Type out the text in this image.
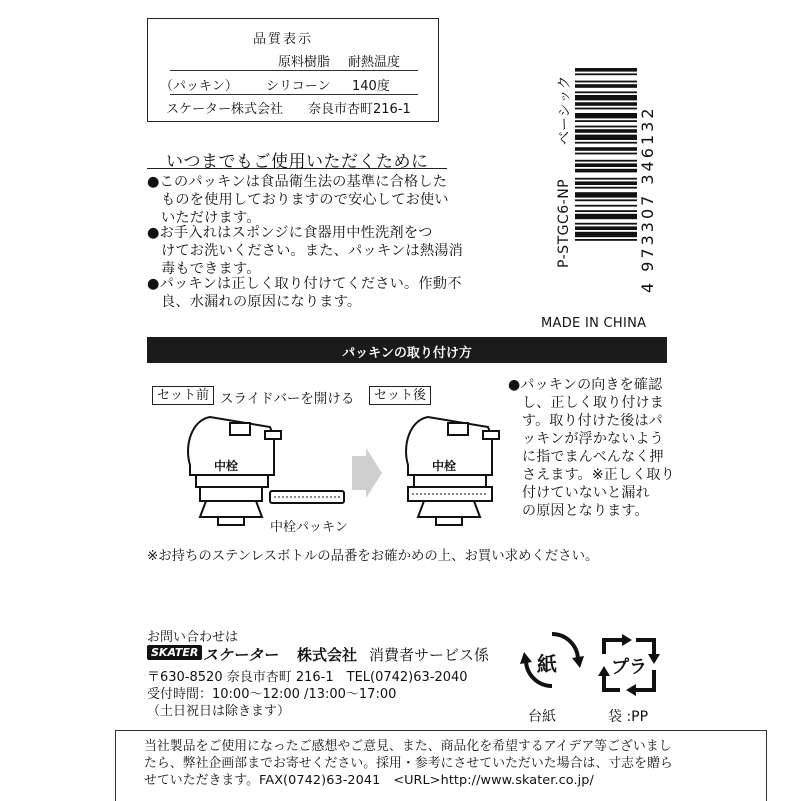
品質表示
原料樹脂 耐熱温度
（パッキン） シリコーン 140度
スケーター株式会社 奈良市杏町216-1
いつまでもご使用いただくために
●このパッキンは食品衛生法の基準に合格した
ものを使用しておりますので安心してお使い
いただけます。
●お手入れはスポンジに食器用中性洗剤をつ
けてお洗いください。また、パッキンは熱湯消
毒もできます。
●パッキンは正しく取り付けてください。作動不
良、水漏れの原因になります。
4 973307 346132
P-STGC6-NP
ベーシック
MADE IN CHINA
パッキンの取り付け方
セット前 スライドバーを開ける	セット後
中栓
中栓パッキン
中栓
●パッキンの向きを確認
し、正しく取り付けま
す。取り付けた後はパ
ッキンが浮かないよう
に指でまんべんなく押
さえます。※正しく取り
付けていないと漏れ
の原因となります。
※お持ちのステンレスボトルの品番をお確かめの上、お買い求めください。
お問い合わせは
SKATER スケーター 株式会社 消費者サービス係
〒630-8520 奈良市杏町 216-1　TEL(0742)63-2040
受付時間：10:00～12:00 /13:00～17:00
（土日祝日は除きます）
紙
台紙
プラ
袋 :PP
当社製品をご使用になったご感想やご意見、また、商品化を希望するアイデア等ございまし
たら、弊社企画部までお寄せください。採用・参考にさせていただいた場合は、寸志を贈ら
せていただきます。FAX(0742)63-2041　<URL>http://www.skater.co.jp/
